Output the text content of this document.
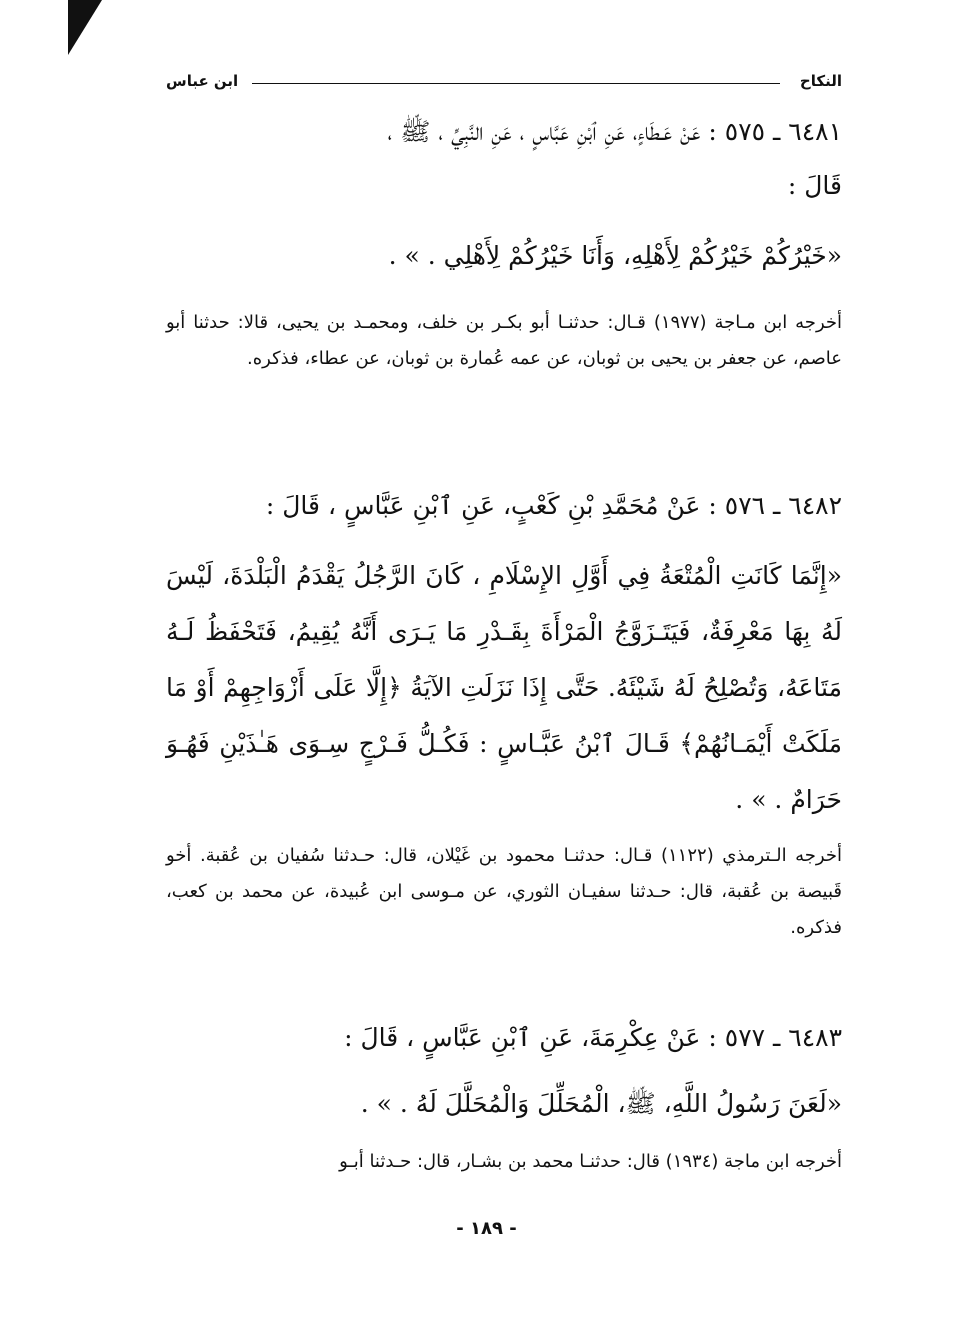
النكاح
ابن عباس
٦٤٨١ ـ ٥٧٥ : عَنْ عَـطَاءٍ، عَنِ ٱبْنِ عَبَّاسٍ ، عَنِ النَّبِيِّ ، ﷺ ،
قَالَ :
«خَيْرُكُمْ خَيْرُكُمْ لِأَهْلِهِ، وَأَنَا خَيْرُكُمْ لِأَهْلِي . » .
أخرجه ابن مـاجة (١٩٧٧) قـال: حدثنـا أبو بكـر بن خلف، ومحمـد بن يحيى، قالا: حدثنا أبو عاصم، عن جعفر بن يحيى بن ثوبان، عن عمه عُمارة بن ثوبان، عن عطاء، فذكره.
٦٤٨٢ ـ ٥٧٦ : عَنْ مُحَمَّدِ بْنِ كَعْبٍ، عَنِ ٱبْنِ عَبَّاسٍ ، قَالَ :
«إِنَّمَا كَانَتِ الْمُتْعَةُ فِي أَوَّلِ الإِسْلَامِ ، كَانَ الرَّجُلُ يَقْدَمُ الْبَلْدَةَ، لَيْسَ لَهُ بِهَا مَعْرِفَةٌ، فَيَتَـزَوَّجُ الْمَرْأَةَ بِقَـدْرِ مَا يَـرَى أَنَّهُ يُقِيمُ، فَتَحْفَظُ لَـهُ مَتَاعَهُ، وَتُصْلِحُ لَهُ شَيْئَهُ. حَتَّى إِذَا نَزَلَتِ الآيَةُ ﴿إِلَّا عَلَى أَزْوَاجِهِمْ أَوْ مَا مَلَكَتْ أَيْمَـانُهُمْ﴾ قَـالَ ٱبْنُ عَبَّـاسٍ : فَكُـلُّ فَـرْجٍ سِـوَى هَـٰذَيْنِ فَهُـوَ حَرَامٌ . » .
أخرجه الـترمذي (١١٢٢) قـال: حدثنـا محمود بن غَيْلان، قال: حـدثنا سُفيان بن عُقبة. أخو قَبيصة بن عُقبة، قال: حـدثنا سفيـان الثوري، عن مـوسى ابن عُبيدة، عن محمد بن كعب، فذكره.
٦٤٨٣ ـ ٥٧٧ : عَنْ عِكْرِمَةَ، عَنِ ٱبْنِ عَبَّاسٍ ، قَالَ :
«لَعَنَ رَسُولُ اللَّهِ، ﷺ، الْمُحَلِّلَ وَالْمُحَلَّلَ لَهُ . » .
أخرجه ابن ماجة (١٩٣٤) قال: حدثنـا محمد بن بشـار، قال: حـدثنا أبـو
- ١٨٩ -
